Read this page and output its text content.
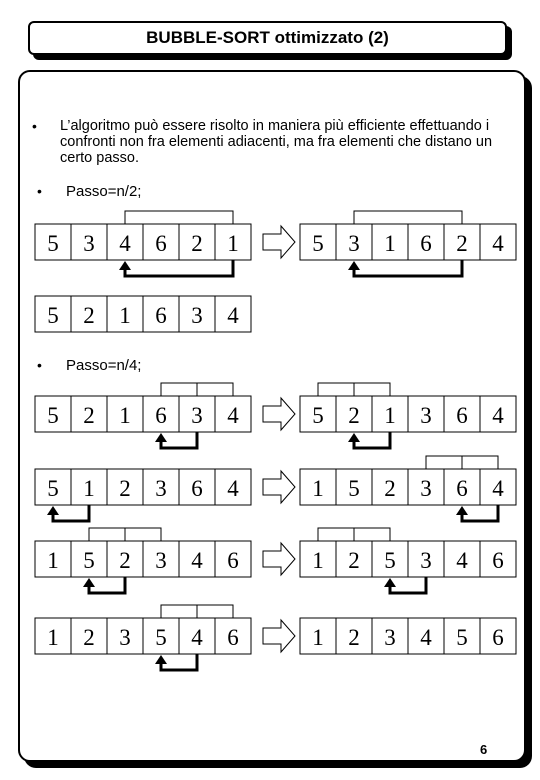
BUBBLE-SORT ottimizzato (2)
• L’algoritmo può essere risolto in maniera più efficiente effettuando i confronti non fra elementi adiacenti, ma fra elementi che distano un certo passo.
• Passo=n/2;
• Passo=n/4;
5 3 4 6 2 1	5 3 1 6 2 4
5 2 1 6 3 4
5 2 1 6 3 4	5 2 1 3 6 4
5 1 2 3 6 4	1 5 2 3 6 4
1 5 2 3 4 6	1 2 5 3 4 6
1 2 3 5 4 6	1 2 3 4 5 6
6
